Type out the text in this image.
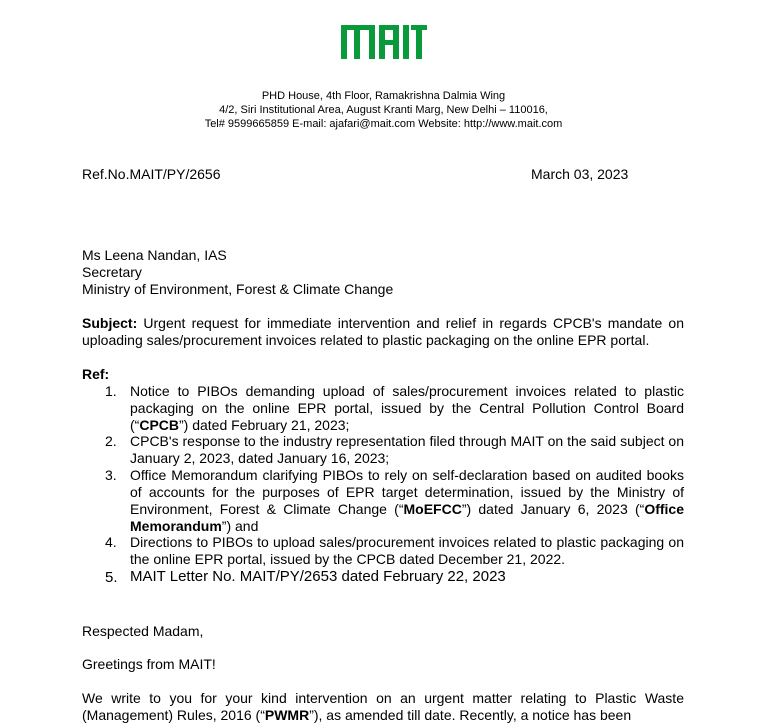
PHD House, 4th Floor, Ramakrishna Dalmia Wing
4/2, Siri Institutional Area, August Kranti Marg, New Delhi – 110016,
Tel# 9599665859 E-mail: ajafari@mait.com Website: http://www.mait.com
Ref.No.MAIT/PY/2656	March 03, 2023
Ms Leena Nandan, IAS
Secretary
Ministry of Environment, Forest & Climate Change
Subject: Urgent request for immediate intervention and relief in regards CPCB's mandate on uploading sales/procurement invoices related to plastic packaging on the online EPR portal.
Ref:
1. Notice to PIBOs demanding upload of sales/procurement invoices related to plastic packaging on the online EPR portal, issued by the Central Pollution Control Board (“CPCB”) dated February 21, 2023;
2. CPCB's response to the industry representation filed through MAIT on the said subject on January 2, 2023, dated January 16, 2023;
3. Office Memorandum clarifying PIBOs to rely on self-declaration based on audited books of accounts for the purposes of EPR target determination, issued by the Ministry of Environment, Forest & Climate Change (“MoEFCC”) dated January 6, 2023 (“Office Memorandum”) and
4. Directions to PIBOs to upload sales/procurement invoices related to plastic packaging on the online EPR portal, issued by the CPCB dated December 21, 2022.
5. MAIT Letter No. MAIT/PY/2653 dated February 22, 2023
Respected Madam,
Greetings from MAIT!
We write to you for your kind intervention on an urgent matter relating to Plastic Waste (Management) Rules, 2016 (“PWMR”), as amended till date. Recently, a notice has been
